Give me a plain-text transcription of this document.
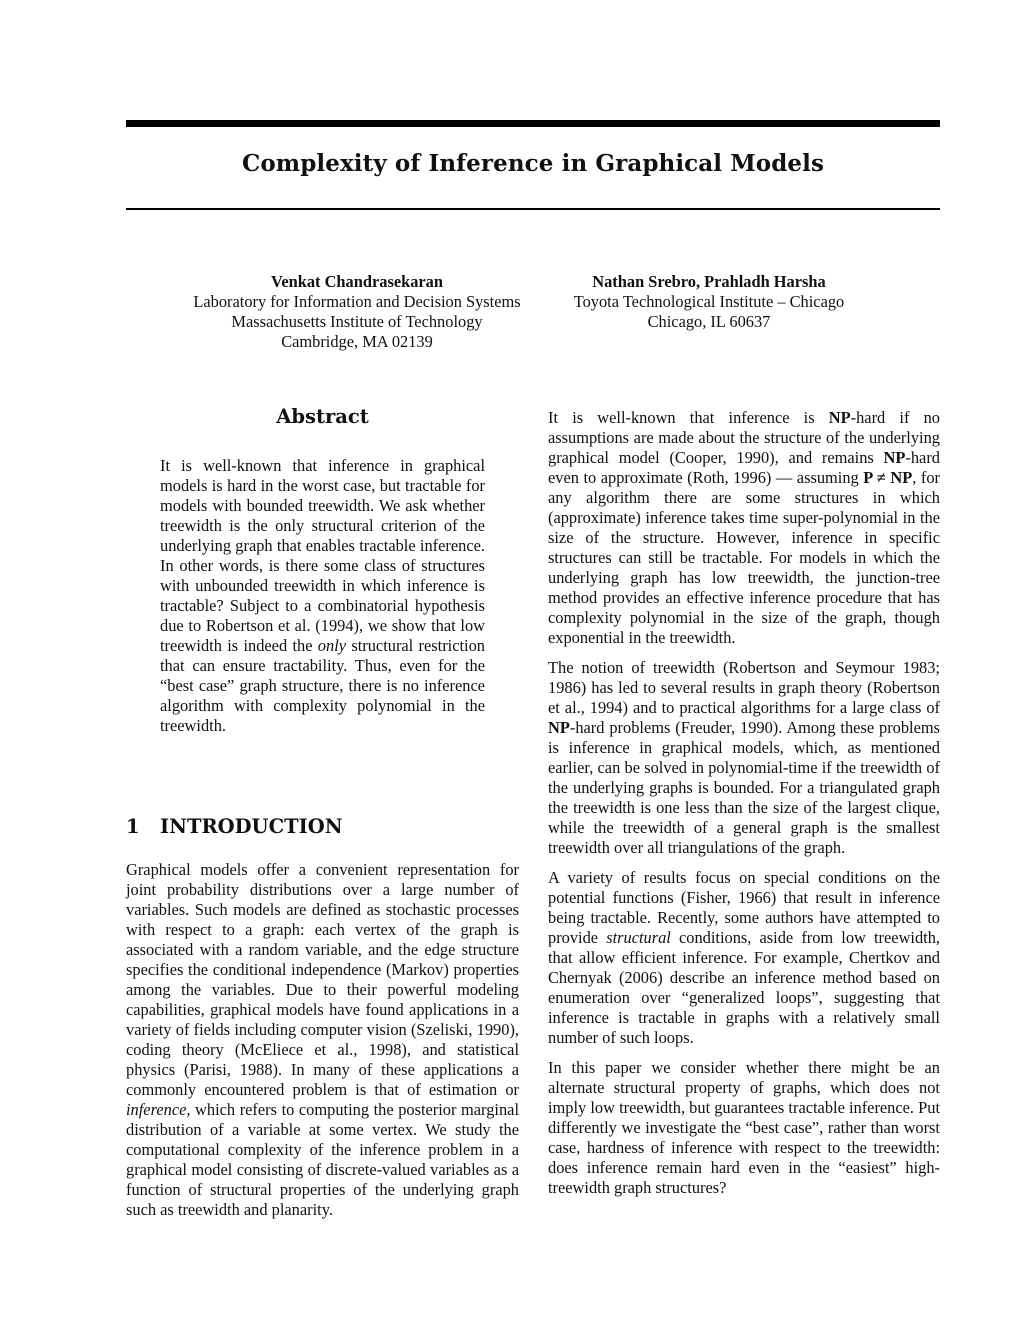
Complexity of Inference in Graphical Models
Venkat Chandrasekaran
Laboratory for Information and Decision Systems
Massachusetts Institute of Technology
Cambridge, MA 02139
Nathan Srebro, Prahladh Harsha
Toyota Technological Institute – Chicago
Chicago, IL 60637
Abstract

It is well-known that inference in graphical models is hard in the worst case, but tractable for models with bounded treewidth. We ask whether treewidth is the only structural criterion of the underlying graph that enables tractable inference. In other words, is there some class of structures with unbounded treewidth in which inference is tractable? Subject to a combinatorial hypothesis due to Robertson et al. (1994), we show that low treewidth is indeed the only structural restriction that can ensure tractability. Thus, even for the “best case” graph structure, there is no inference algorithm with complexity polynomial in the treewidth.

1 INTRODUCTION

Graphical models offer a convenient representation for joint probability distributions over a large number of variables. Such models are defined as stochastic processes with respect to a graph: each vertex of the graph is associated with a random variable, and the edge structure specifies the conditional independence (Markov) properties among the variables. Due to their powerful modeling capabilities, graphical models have found applications in a variety of fields including computer vision (Szeliski, 1990), coding theory (McEliece et al., 1998), and statistical physics (Parisi, 1988). In many of these applications a commonly encountered problem is that of estimation or inference, which refers to computing the posterior marginal distribution of a variable at some vertex. We study the computational complexity of the inference problem in a graphical model consisting of discrete-valued variables as a function of structural properties of the underlying graph such as treewidth and planarity.

It is well-known that inference is NP-hard if no assumptions are made about the structure of the underlying graphical model (Cooper, 1990), and remains NP-hard even to approximate (Roth, 1996) — assuming P ≠ NP, for any algorithm there are some structures in which (approximate) inference takes time super-polynomial in the size of the structure. However, inference in specific structures can still be tractable. For models in which the underlying graph has low treewidth, the junction-tree method provides an effective inference procedure that has complexity polynomial in the size of the graph, though exponential in the treewidth.

The notion of treewidth (Robertson and Seymour 1983; 1986) has led to several results in graph theory (Robertson et al., 1994) and to practical algorithms for a large class of NP-hard problems (Freuder, 1990). Among these problems is inference in graphical models, which, as mentioned earlier, can be solved in polynomial-time if the treewidth of the underlying graphs is bounded. For a triangulated graph the treewidth is one less than the size of the largest clique, while the treewidth of a general graph is the smallest treewidth over all triangulations of the graph.

A variety of results focus on special conditions on the potential functions (Fisher, 1966) that result in inference being tractable. Recently, some authors have attempted to provide structural conditions, aside from low treewidth, that allow efficient inference. For example, Chertkov and Chernyak (2006) describe an inference method based on enumeration over “generalized loops”, suggesting that inference is tractable in graphs with a relatively small number of such loops.

In this paper we consider whether there might be an alternate structural property of graphs, which does not imply low treewidth, but guarantees tractable inference. Put differently we investigate the “best case”, rather than worst case, hardness of inference with respect to the treewidth: does inference remain hard even in the “easiest” high-treewidth graph structures?
